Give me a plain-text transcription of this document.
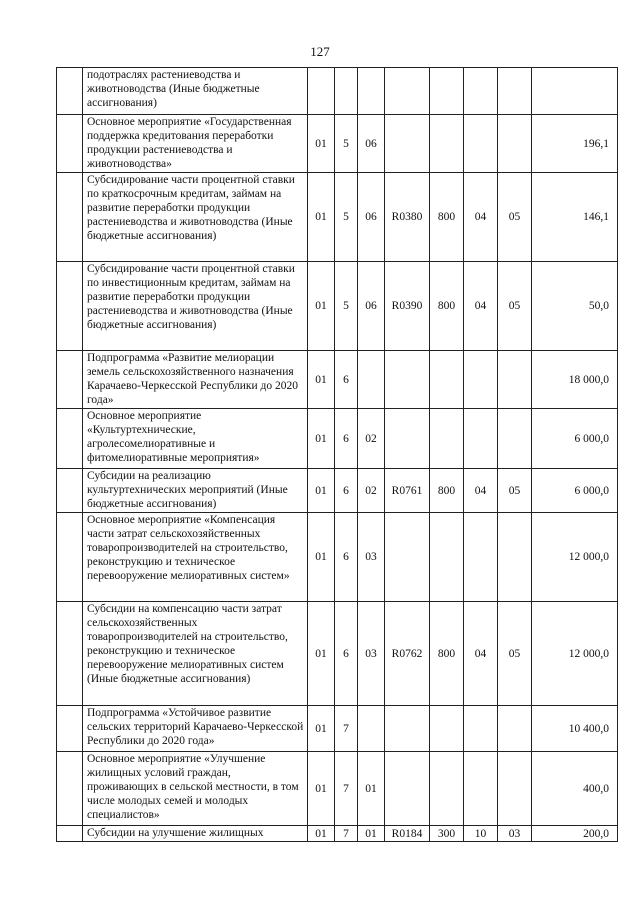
127
	подотраслях растениеводства и животноводства (Иные бюджетные ассигнования)								
	Основное мероприятие «Государственная поддержка кредитования переработки продукции растениеводства и животноводства»	01	5	06					196,1
	Субсидирование части процентной ставки по краткосрочным кредитам, займам на развитие переработки продукции растениеводства и животноводства (Иные бюджетные ассигнования)	01	5	06	R0380	800	04	05	146,1
	Субсидирование части процентной ставки по инвестиционным кредитам, займам на развитие переработки продукции растениеводства и животноводства (Иные бюджетные ассигнования)	01	5	06	R0390	800	04	05	50,0
	Подпрограмма «Развитие мелиорации земель сельскохозяйственного назначения Карачаево-Черкесской Республики до 2020 года»	01	6						18 000,0
	Основное мероприятие «Культуртехнические, агролесомелиоративные и фитомелиоративные мероприятия»	01	6	02					6 000,0
	Субсидии на реализацию культуртехнических мероприятий (Иные бюджетные ассигнования)	01	6	02	R0761	800	04	05	6 000,0
	Основное мероприятие «Компенсация части затрат сельскохозяйственных товаропроизводителей на строительство, реконструкцию и техническое перевооружение мелиоративных систем»	01	6	03					12 000,0
	Субсидии на компенсацию части затрат сельскохозяйственных товаропроизводителей на строительство, реконструкцию и техническое перевооружение мелиоративных систем (Иные бюджетные ассигнования)	01	6	03	R0762	800	04	05	12 000,0
	Подпрограмма «Устойчивое развитие сельских территорий Карачаево-Черкесской Республики до 2020 года»	01	7						10 400,0
	Основное мероприятие «Улучшение жилищных условий граждан, проживающих в сельской местности, в том числе молодых семей и молодых специалистов»	01	7	01					400,0
	Субсидии на улучшение жилищных	01	7	01	R0184	300	10	03	200,0
